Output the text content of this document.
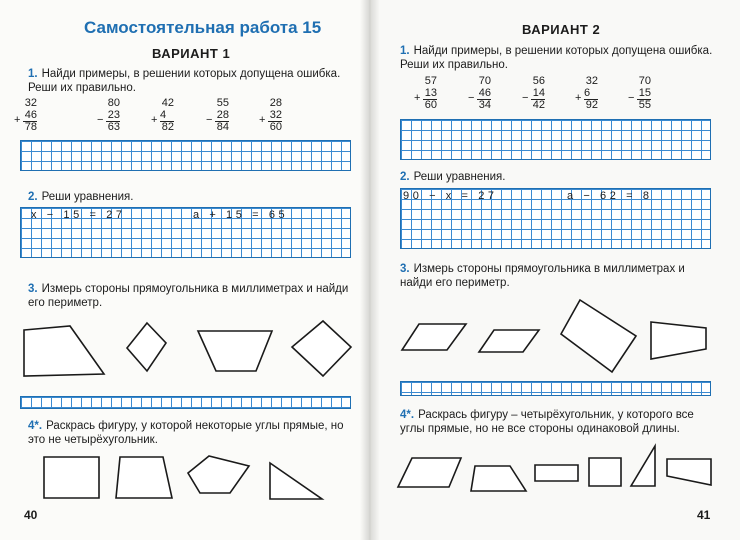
Самостоятельная работа 15
ВАРИАНТ 1
1. Найди примеры, в решении которых допущена ошибка. Реши их правильно.
32
+ 46
78
80
− 23
63
42
+ 4
82
55
− 28
84
28
+ 32
60
2. Реши уравнения.
x − 15 = 27	a + 15 = 65
3. Измерь стороны прямоугольника в миллиметрах и найди его периметр.
4*. Раскрась фигуру, у которой некоторые углы прямые, но это не четырёхугольник.
40
ВАРИАНТ 2
1. Найди примеры, в решении которых допущена ошибка. Реши их правильно.
57
+ 13
60
70
− 46
34
56
− 14
42
32
+ 6
92
70
− 15
55
2. Реши уравнения.
90 − x = 27	a − 62 = 8
3. Измерь стороны прямоугольника в миллиметрах и найди его периметр.
4*. Раскрась фигуру – четырёхугольник, у которого все углы прямые, но не все стороны одинаковой длины.
41
